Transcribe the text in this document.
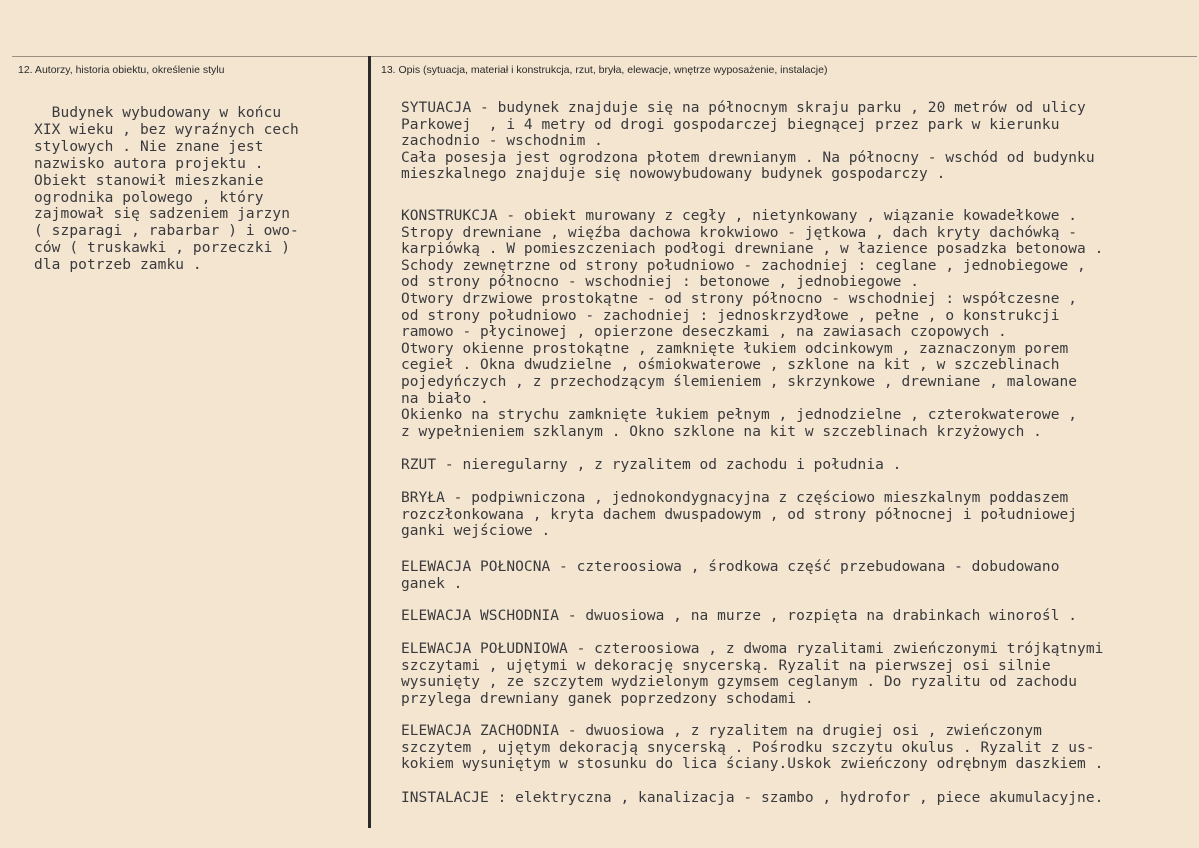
12. Autorzy, historia obiektu, określenie stylu	13. Opis (sytuacja, materiał i konstrukcja, rzut, bryła, elewacje, wnętrze wyposażenie, instalacje)
Budynek wybudowany w końcu
XIX wieku , bez wyraźnych cech
stylowych . Nie znane jest
nazwisko autora projektu .
Obiekt stanowił mieszkanie
ogrodnika polowego , który
zajmował się sadzeniem jarzyn
( szparagi , rabarbar ) i owo-
ców ( truskawki , porzeczki )
dla potrzeb zamku .
SYTUACJA - budynek znajduje się na północnym skraju parku , 20 metrów od ulicy
Parkowej  , i 4 metry od drogi gospodarczej biegnącej przez park w kierunku
zachodnio - wschodnim .
Cała posesja jest ogrodzona płotem drewnianym . Na północny - wschód od budynku
mieszkalnego znajduje się nowowybudowany budynek gospodarczy .
KONSTRUKCJA - obiekt murowany z cegły , nietynkowany , wiązanie kowadełkowe .
Stropy drewniane , więźba dachowa krokwiowo - jętkowa , dach kryty dachówką -
karpiówką . W pomieszczeniach podłogi drewniane , w łazience posadzka betonowa .
Schody zewnętrzne od strony południowo - zachodniej : ceglane , jednobiegowe ,
od strony północno - wschodniej : betonowe , jednobiegowe .
Otwory drzwiowe prostokątne - od strony północno - wschodniej : współczesne ,
od strony południowo - zachodniej : jednoskrzydłowe , pełne , o konstrukcji
ramowo - płycinowej , opierzone deseczkami , na zawiasach czopowych .
Otwory okienne prostokątne , zamknięte łukiem odcinkowym , zaznaczonym porem
cegieł . Okna dwudzielne , ośmiokwaterowe , szklone na kit , w szczeblinach
pojedyńczych , z przechodzącym ślemieniem , skrzynkowe , drewniane , malowane
na biało .
Okienko na strychu zamknięte łukiem pełnym , jednodzielne , czterokwaterowe ,
z wypełnieniem szklanym . Okno szklone na kit w szczeblinach krzyżowych .
RZUT - nieregularny , z ryzalitem od zachodu i południa .
BRYŁA - podpiwniczona , jednokondygnacyjna z częściowo mieszkalnym poddaszem
rozczłonkowana , kryta dachem dwuspadowym , od strony północnej i południowej
ganki wejściowe .
ELEWACJA POŁNOCNA - czteroosiowa , środkowa część przebudowana - dobudowano
ganek .
ELEWACJA WSCHODNIA - dwuosiowa , na murze , rozpięta na drabinkach winorośl .
ELEWACJA POŁUDNIOWA - czteroosiowa , z dwoma ryzalitami zwieńczonymi trójkątnymi
szczytami , ujętymi w dekorację snycerską. Ryzalit na pierwszej osi silnie
wysunięty , ze szczytem wydzielonym gzymsem ceglanym . Do ryzalitu od zachodu
przylega drewniany ganek poprzedzony schodami .
ELEWACJA ZACHODNIA - dwuosiowa , z ryzalitem na drugiej osi , zwieńczonym
szczytem , ujętym dekoracją snycerską . Pośrodku szczytu okulus . Ryzalit z us-
kokiem wysuniętym w stosunku do lica ściany.Uskok zwieńczony odrębnym daszkiem .
INSTALACJE : elektryczna , kanalizacja - szambo , hydrofor , piece akumulacyjne.
